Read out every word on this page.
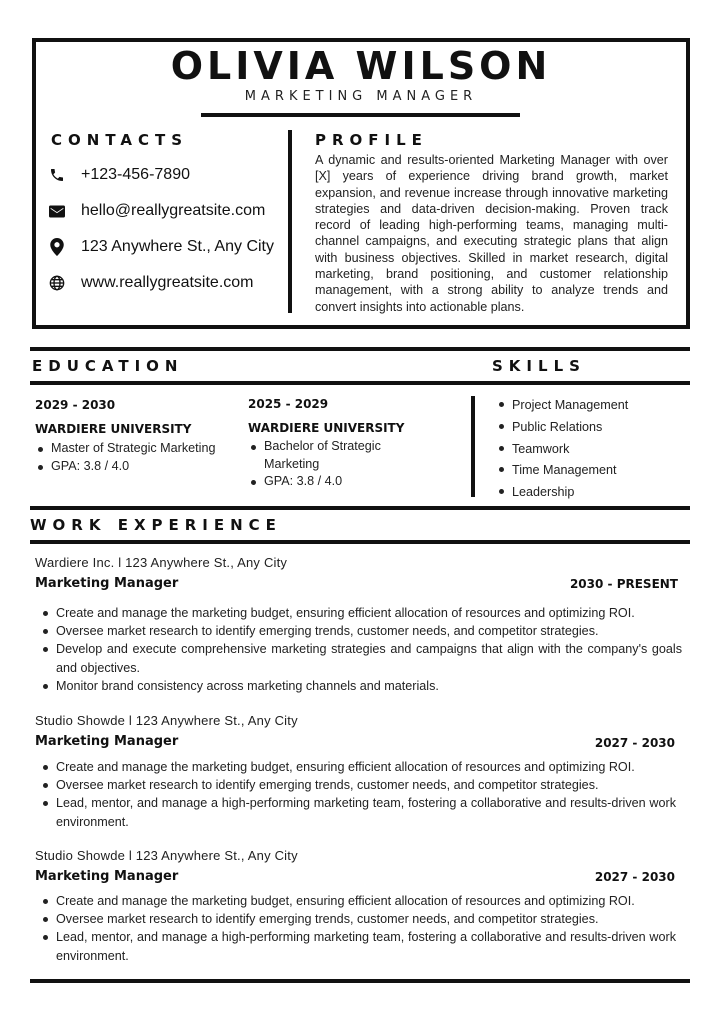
OLIVIA WILSON
MARKETING MANAGER
CONTACTS
+123-456-7890
hello@reallygreatsite.com
123 Anywhere St., Any City
www.reallygreatsite.com
PROFILE
A dynamic and results-oriented Marketing Manager with over [X] years of experience driving brand growth, market expansion, and revenue increase through innovative marketing strategies and data-driven decision-making. Proven track record of leading high-performing teams, managing multi-channel campaigns, and executing strategic plans that align with business objectives. Skilled in market research, digital marketing, brand positioning, and customer relationship management, with a strong ability to analyze trends and convert insights into actionable plans.
EDUCATION	SKILLS
2029 - 2030
WARDIERE UNIVERSITY
Master of Strategic Marketing
GPA: 3.8 / 4.0
2025 - 2029
WARDIERE UNIVERSITY
Bachelor of Strategic Marketing
GPA: 3.8 / 4.0
Project Management
Public Relations
Teamwork
Time Management
Leadership
WORK EXPERIENCE
Wardiere Inc. l 123 Anywhere St., Any City
Marketing Manager	2030 - PRESENT
Create and manage the marketing budget, ensuring efficient allocation of resources and optimizing ROI.
Oversee market research to identify emerging trends, customer needs, and competitor strategies.
Develop and execute comprehensive marketing strategies and campaigns that align with the company's goals and objectives.
Monitor brand consistency across marketing channels and materials.
Studio Showde l 123 Anywhere St., Any City
Marketing Manager	2027 - 2030
Create and manage the marketing budget, ensuring efficient allocation of resources and optimizing ROI.
Oversee market research to identify emerging trends, customer needs, and competitor strategies.
Lead, mentor, and manage a high-performing marketing team, fostering a collaborative and results-driven work environment.
Studio Showde l 123 Anywhere St., Any City
Marketing Manager	2027 - 2030
Create and manage the marketing budget, ensuring efficient allocation of resources and optimizing ROI.
Oversee market research to identify emerging trends, customer needs, and competitor strategies.
Lead, mentor, and manage a high-performing marketing team, fostering a collaborative and results-driven work environment.
